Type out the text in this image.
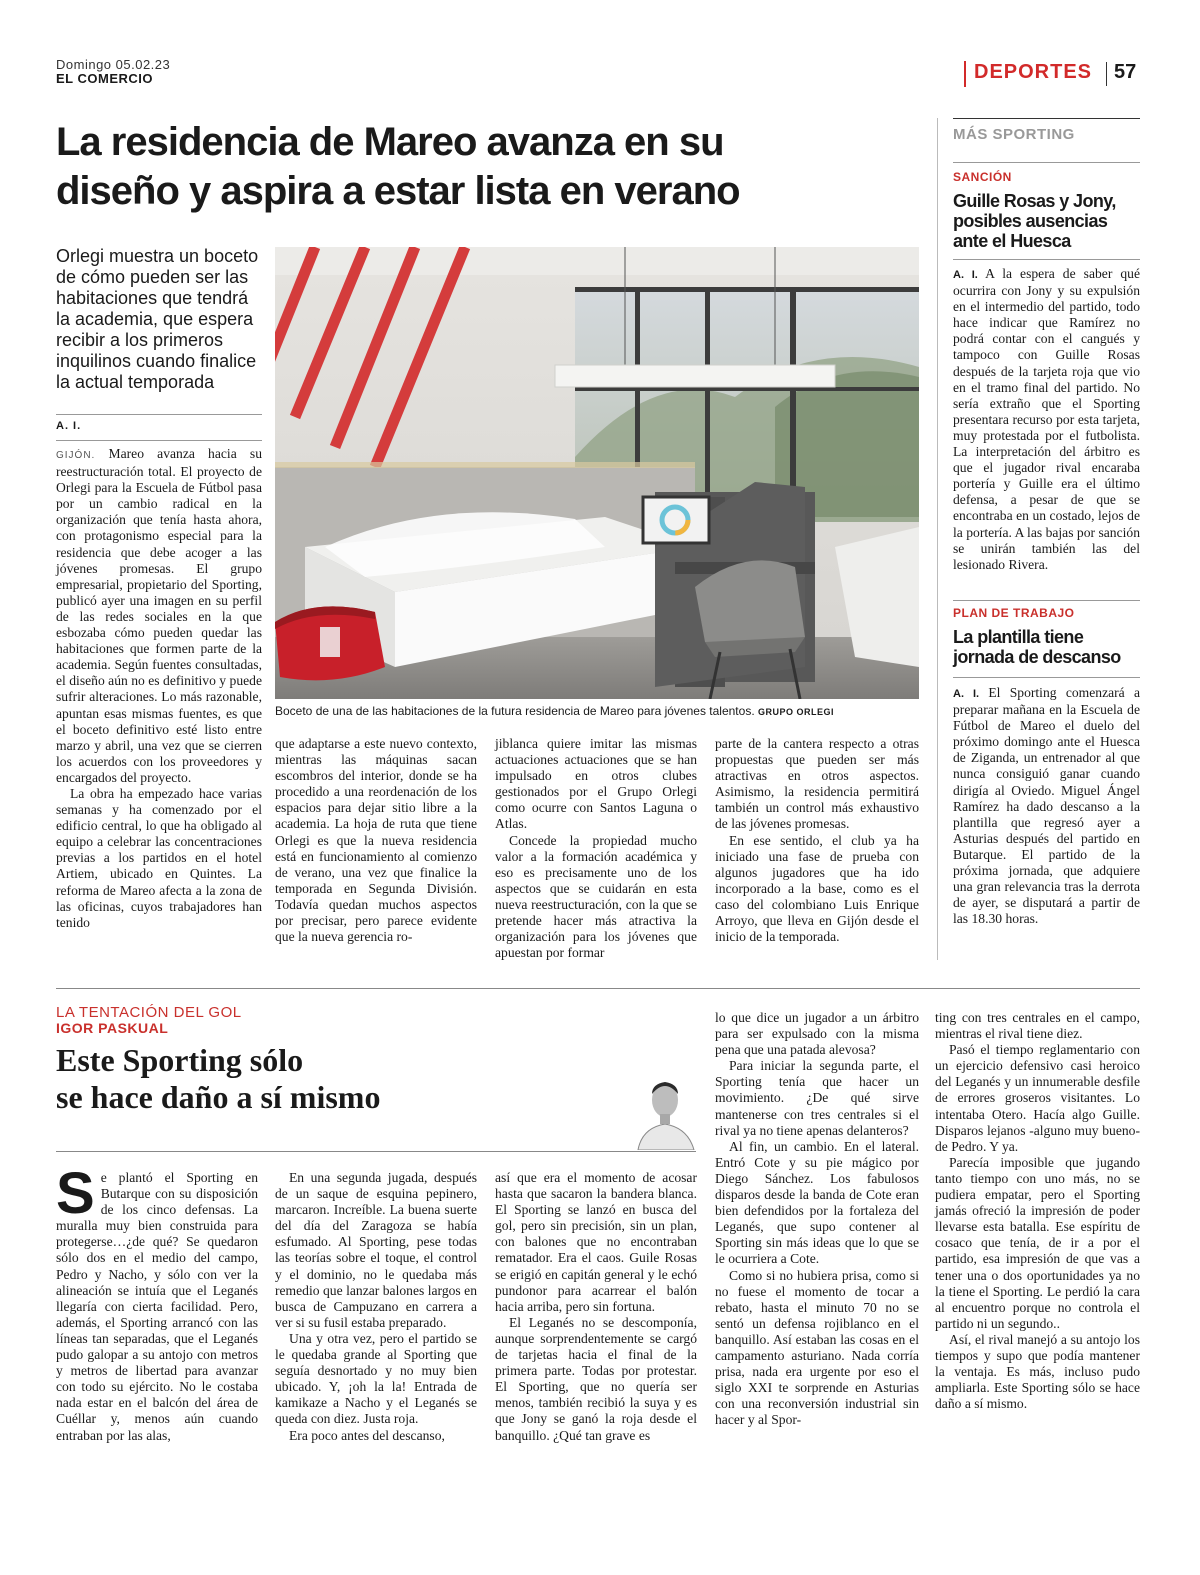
Domingo 05.02.23
EL COMERCIO	DEPORTES 57
La residencia de Mareo avanza en su
diseño y aspira a estar lista en verano
Orlegi muestra un boceto de cómo pueden ser las habitaciones que tendrá la academia, que espera recibir a los primeros inquilinos cuando finalice la actual temporada
A. I.

GIJÓN. Mareo avanza hacia su reestructuración total. El proyecto de Orlegi para la Escuela de Fútbol pasa por un cambio radical en la organización que tenía hasta ahora, con protagonismo especial para la residencia que debe acoger a las jóvenes promesas. El grupo empresarial, propietario del Sporting, publicó ayer una imagen en su perfil de las redes sociales en la que esbozaba cómo pueden quedar las habitaciones que formen parte de la academia. Según fuentes consultadas, el diseño aún no es definitivo y puede sufrir alteraciones. Lo más razonable, apuntan esas mismas fuentes, es que el boceto definitivo esté listo entre marzo y abril, una vez que se cierren los acuerdos con los proveedores y encargados del proyecto.

La obra ha empezado hace varias semanas y ha comenzado por el edificio central, lo que ha obligado al equipo a celebrar las concentraciones previas a los partidos en el hotel Artiem, ubicado en Quintes. La reforma de Mareo afecta a la zona de las oficinas, cuyos trabajadores han tenido

que adaptarse a este nuevo contexto, mientras las máquinas sacan escombros del interior, donde se ha procedido a una reordenación de los espacios para dejar sitio libre a la academia. La hoja de ruta que tiene Orlegi es que la nueva residencia está en funcionamiento al comienzo de verano, una vez que finalice la temporada en Segunda División. Todavía quedan muchos aspectos por precisar, pero parece evidente que la nueva gerencia ro-

jiblanca quiere imitar las mismas actuaciones actuaciones que se han impulsado en otros clubes gestionados por el Grupo Orlegi como ocurre con Santos Laguna o Atlas.

Concede la propiedad mucho valor a la formación académica y eso es precisamente uno de los aspectos que se cuidarán en esta nueva reestructuración, con la que se pretende hacer más atractiva la organización para los jóvenes que apuestan por formar

parte de la cantera respecto a otras propuestas que pueden ser más atractivas en otros aspectos. Asimismo, la residencia permitirá también un control más exhaustivo de las jóvenes promesas.

En ese sentido, el club ya ha iniciado una fase de prueba con algunos jugadores que ha ido incorporado a la base, como es el caso del colombiano Luis Enrique Arroyo, que lleva en Gijón desde el inicio de la temporada.

Boceto de una de las habitaciones de la futura residencia de Mareo para jóvenes talentos. GRUPO ORLEGI
MÁS SPORTING
SANCIÓN
Guille Rosas y Jony, posibles ausencias ante el Huesca
A. I. A la espera de saber qué ocurrira con Jony y su expulsión en el intermedio del partido, todo hace indicar que Ramírez no podrá contar con el cangués y tampoco con Guille Rosas después de la tarjeta roja que vio en el tramo final del partido. No sería extraño que el Sporting presentara recurso por esta tarjeta, muy protestada por el futbolista. La interpretación del árbitro es que el jugador rival encaraba portería y Guille era el último defensa, a pesar de que se encontraba en un costado, lejos de la portería. A las bajas por sanción se unirán también las del lesionado Rivera.
PLAN DE TRABAJO
La plantilla tiene jornada de descanso
A. I. El Sporting comenzará a preparar mañana en la Escuela de Fútbol de Mareo el duelo del próximo domingo ante el Huesca de Ziganda, un entrenador al que nunca consiguió ganar cuando dirigía al Oviedo. Miguel Ángel Ramírez ha dado descanso a la plantilla que regresó ayer a Asturias después del partido en Butarque. El partido de la próxima jornada, que adquiere una gran relevancia tras la derrota de ayer, se disputará a partir de las 18.30 horas.
LA TENTACIÓN DEL GOL
IGOR PASKUAL
Este Sporting sólo
se hace daño a sí mismo

Se plantó el Sporting en Butarque con su disposición de los cinco defensas. La muralla muy bien construida para protegerse…¿de qué? Se quedaron sólo dos en el medio del campo, Pedro y Nacho, y sólo con ver la alineación se intuía que el Leganés llegaría con cierta facilidad. Pero, además, el Sporting arrancó con las líneas tan separadas, que el Leganés pudo galopar a su antojo con metros y metros de libertad para avanzar con todo su ejército. No le costaba nada estar en el balcón del área de Cuéllar y, menos aún cuando entraban por las alas,

En una segunda jugada, después de un saque de esquina pepinero, marcaron. Increíble. La buena suerte del día del Zaragoza se había esfumado. Al Sporting, pese todas las teorías sobre el toque, el control y el dominio, no le quedaba más remedio que lanzar balones largos en busca de Campuzano en carrera a ver si su fusil estaba preparado.

Una y otra vez, pero el partido se le quedaba grande al Sporting que seguía desnortado y no muy bien ubicado. Y, ¡oh la la! Entrada de kamikaze a Nacho y el Leganés se queda con diez. Justa roja.

Era poco antes del descanso,

así que era el momento de acosar hasta que sacaron la bandera blanca. El Sporting se lanzó en busca del gol, pero sin precisión, sin un plan, con balones que no encontraban rematador. Era el caos. Guile Rosas se erigió en capitán general y le echó pundonor para acarrear el balón hacia arriba, pero sin fortuna.

El Leganés no se descomponía, aunque sorprendentemente se cargó de tarjetas hacia el final de la primera parte. Todas por protestar. El Sporting, que no quería ser menos, también recibió la suya y es que Jony se ganó la roja desde el banquillo. ¿Qué tan grave es

lo que dice un jugador a un árbitro para ser expulsado con la misma pena que una patada alevosa?

Para iniciar la segunda parte, el Sporting tenía que hacer un movimiento. ¿De qué sirve mantenerse con tres centrales si el rival ya no tiene apenas delanteros?

Al fin, un cambio. En el lateral. Entró Cote y su pie mágico por Diego Sánchez. Los fabulosos disparos desde la banda de Cote eran bien defendidos por la fortaleza del Leganés, que supo contener al Sporting sin más ideas que lo que se le ocurriera a Cote.

Como si no hubiera prisa, como si no fuese el momento de tocar a rebato, hasta el minuto 70 no se sentó un defensa rojiblanco en el banquillo. Así estaban las cosas en el campamento asturiano. Nada corría prisa, nada era urgente por eso el siglo XXI te sorprende en Asturias con una reconversión industrial sin hacer y al Spor-

ting con tres centrales en el campo, mientras el rival tiene diez.

Pasó el tiempo reglamentario con un ejercicio defensivo casi heroico del Leganés y un innumerable desfile de errores groseros visitantes. Lo intentaba Otero. Hacía algo Guille. Disparos lejanos -alguno muy bueno- de Pedro. Y ya.

Parecía imposible que jugando tanto tiempo con uno más, no se pudiera empatar, pero el Sporting jamás ofreció la impresión de poder llevarse esta batalla. Ese espíritu de cosaco que tenía, de ir a por el partido, esa impresión de que vas a tener una o dos oportunidades ya no la tiene el Sporting. Le perdió la cara al encuentro porque no controla el partido ni un segundo..

Así, el rival manejó a su antojo los tiempos y supo que podía mantener la ventaja. Es más, incluso pudo ampliarla. Este Sporting sólo se hace daño a sí mismo.
